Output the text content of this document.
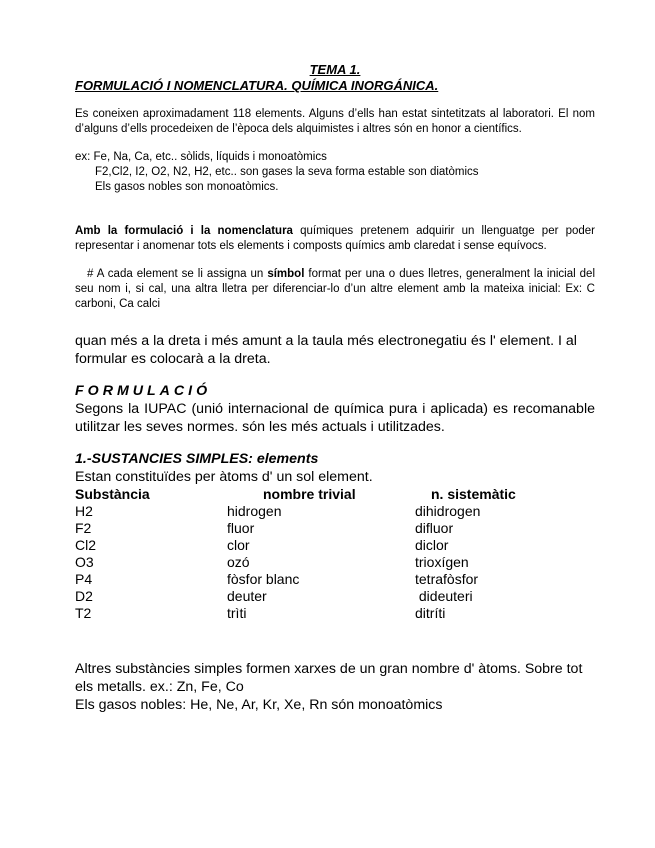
TEMA 1.

FORMULACIÓ I NOMENCLATURA. QUÍMICA INORGÁNICA.

Es coneixen aproximadament 118 elements. Alguns d’ells han estat sintetitzats al laboratori. El nom d’alguns d’ells procedeixen de l’època dels alquimistes i altres són en honor a científics.

ex: Fe, Na, Ca, etc.. sòlids, líquids i monoatòmics

F2,Cl2, I2, O2, N2, H2, etc.. son gases la seva forma estable son diatòmics

Els gasos nobles son monoatòmics.

Amb la formulació i la nomenclatura químiques pretenem adquirir un llenguatge per poder representar i anomenar tots els elements i composts químics amb claredat i sense equívocs.

# A cada element se li assigna un símbol format per una o dues lletres, generalment la inicial del seu nom i, si cal, una altra lletra per diferenciar-lo d’un altre element amb la mateixa inicial: Ex: C carboni, Ca calci

quan més a la dreta i més amunt a la taula més electronegatiu és l' element. I al formular es colocarà a la dreta.

FORMULACIÓ

Segons la IUPAC (unió internacional de química pura i aplicada) es recomanable utilitzar les seves normes. són les més actuals i utilitzades.

1.-SUSTANCIES SIMPLES: elements

Estan constituïdes per àtoms d' un sol element.

Substància	nombre trivial	n. sistemàtic
H2	hidrogen	dihidrogen
F2	fluor	difluor
Cl2	clor	diclor
O3	ozó	trioxígen
P4	fòsfor blanc	tetrafòsfor
D2	deuter	dideuteri
T2	trìti	ditríti

Altres substàncies simples formen xarxes de un gran nombre d' àtoms. Sobre tot els metalls. ex.: Zn, Fe, Co

Els gasos nobles: He, Ne, Ar, Kr, Xe, Rn són monoatòmics
